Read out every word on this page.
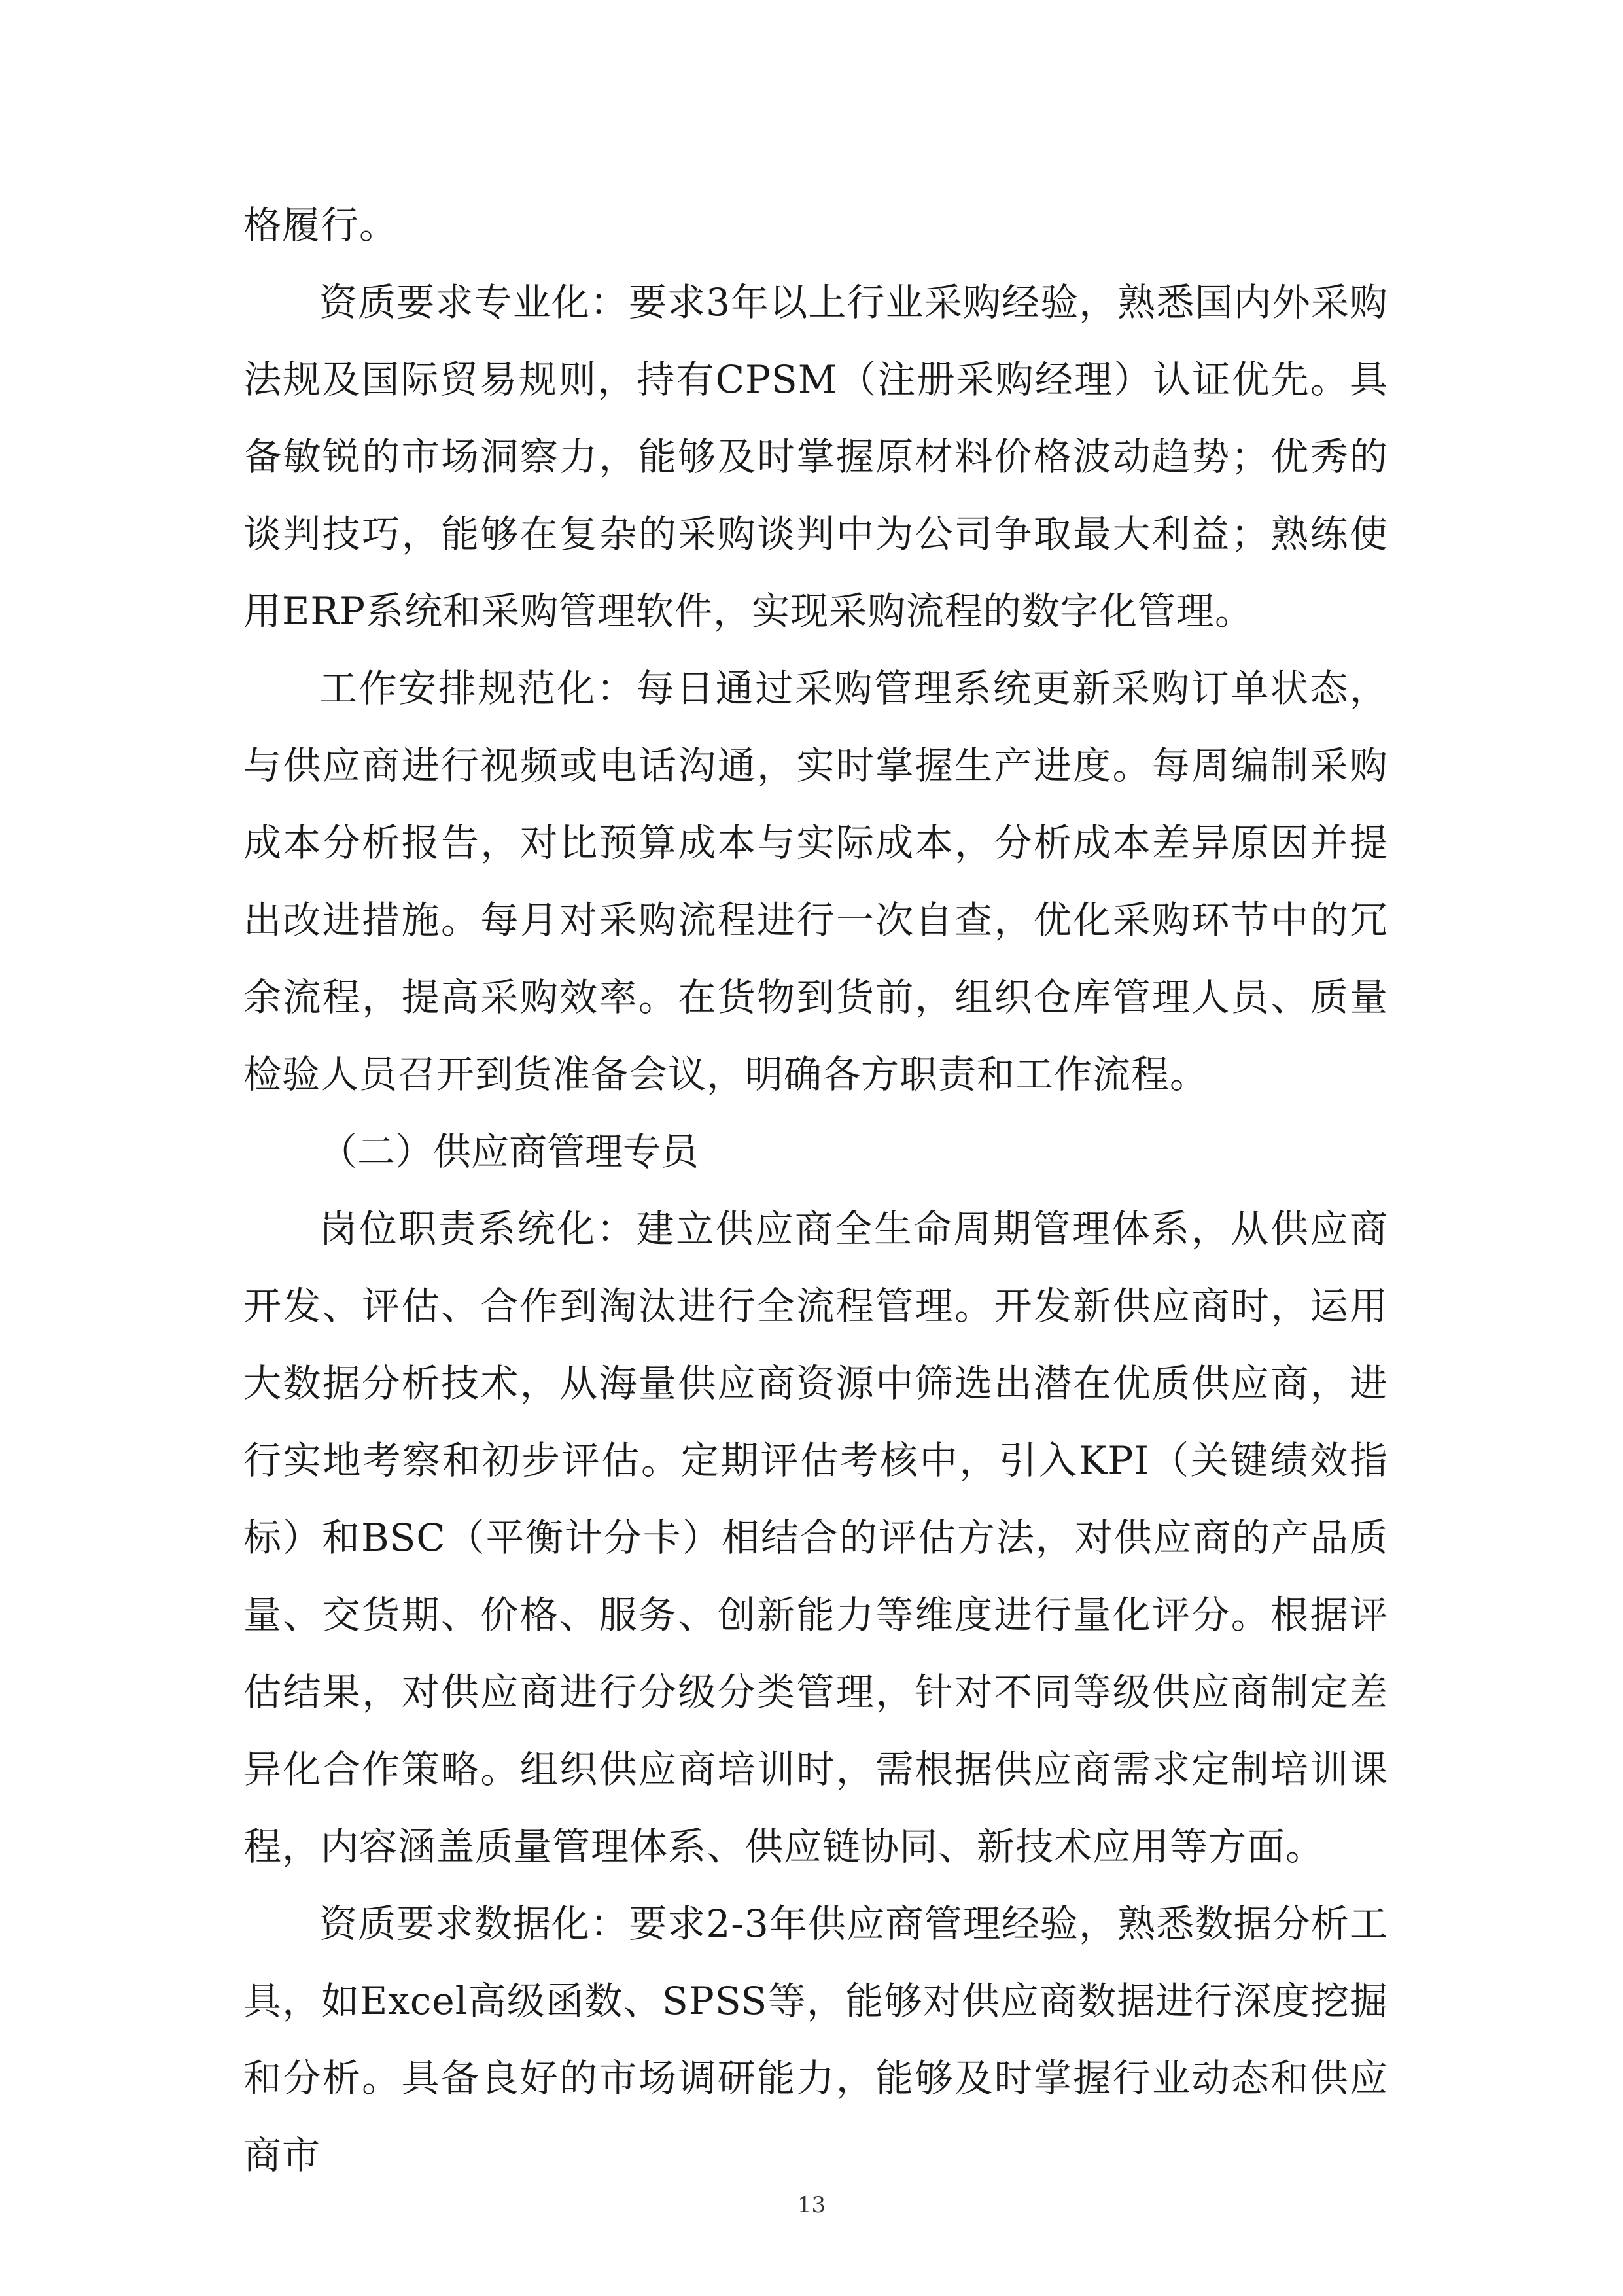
格履行。

资质要求专业化：要求3年以上行业采购经验，熟悉国内外采购法规及国际贸易规则，持有CPSM（注册采购经理）认证优先。具备敏锐的市场洞察力，能够及时掌握原材料价格波动趋势；优秀的谈判技巧，能够在复杂的采购谈判中为公司争取最大利益；熟练使用ERP系统和采购管理软件，实现采购流程的数字化管理。

工作安排规范化：每日通过采购管理系统更新采购订单状态，与供应商进行视频或电话沟通，实时掌握生产进度。每周编制采购成本分析报告，对比预算成本与实际成本，分析成本差异原因并提出改进措施。每月对采购流程进行一次自查，优化采购环节中的冗余流程，提高采购效率。在货物到货前，组织仓库管理人员、质量检验人员召开到货准备会议，明确各方职责和工作流程。

（二）供应商管理专员

岗位职责系统化：建立供应商全生命周期管理体系，从供应商开发、评估、合作到淘汰进行全流程管理。开发新供应商时，运用大数据分析技术，从海量供应商资源中筛选出潜在优质供应商，进行实地考察和初步评估。定期评估考核中，引入KPI（关键绩效指标）和BSC（平衡计分卡）相结合的评估方法，对供应商的产品质量、交货期、价格、服务、创新能力等维度进行量化评分。根据评估结果，对供应商进行分级分类管理，针对不同等级供应商制定差异化合作策略。组织供应商培训时，需根据供应商需求定制培训课程，内容涵盖质量管理体系、供应链协同、新技术应用等方面。

资质要求数据化：要求2-3年供应商管理经验，熟悉数据分析工具，如Excel高级函数、SPSS等，能够对供应商数据进行深度挖掘和分析。具备良好的市场调研能力，能够及时掌握行业动态和供应商市

13
